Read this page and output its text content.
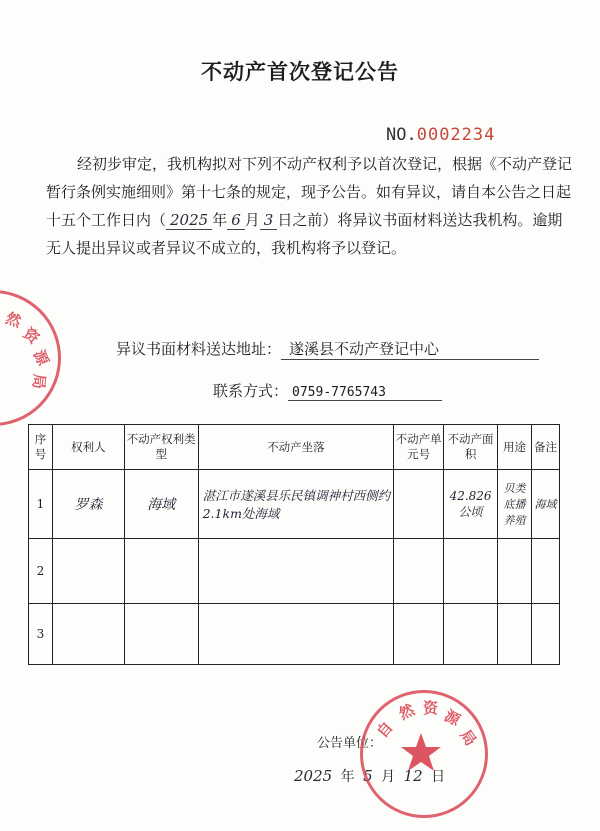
不动产首次登记公告
NO.0002234

经初步审定，我机构拟对下列不动产权利予以首次登记，根据《不动产登记暂行条例实施细则》第十七条的规定，现予公告。如有异议，请自本公告之日起十五个工作日内（ 2025 年 6 月 3 日之前）将异议书面材料送达我机构。逾期无人提出异议或者异议不成立的，我机构将予以登记。

异议书面材料送达地址： 遂溪县不动产登记中心
联系方式： 0759-7765743
序号	权利人	不动产权利类型	不动产坐落	不动产单元号	不动产面 积	用途	备注
1	罗森	海域	湛江市遂溪县乐民镇调神村西侧约2.1km处海域		42.826公顷	贝类底播养殖	海域
2							
3							
公告单位：
2025 年 5 月 12 日
然
资
源
局
自
然 资 源
局
